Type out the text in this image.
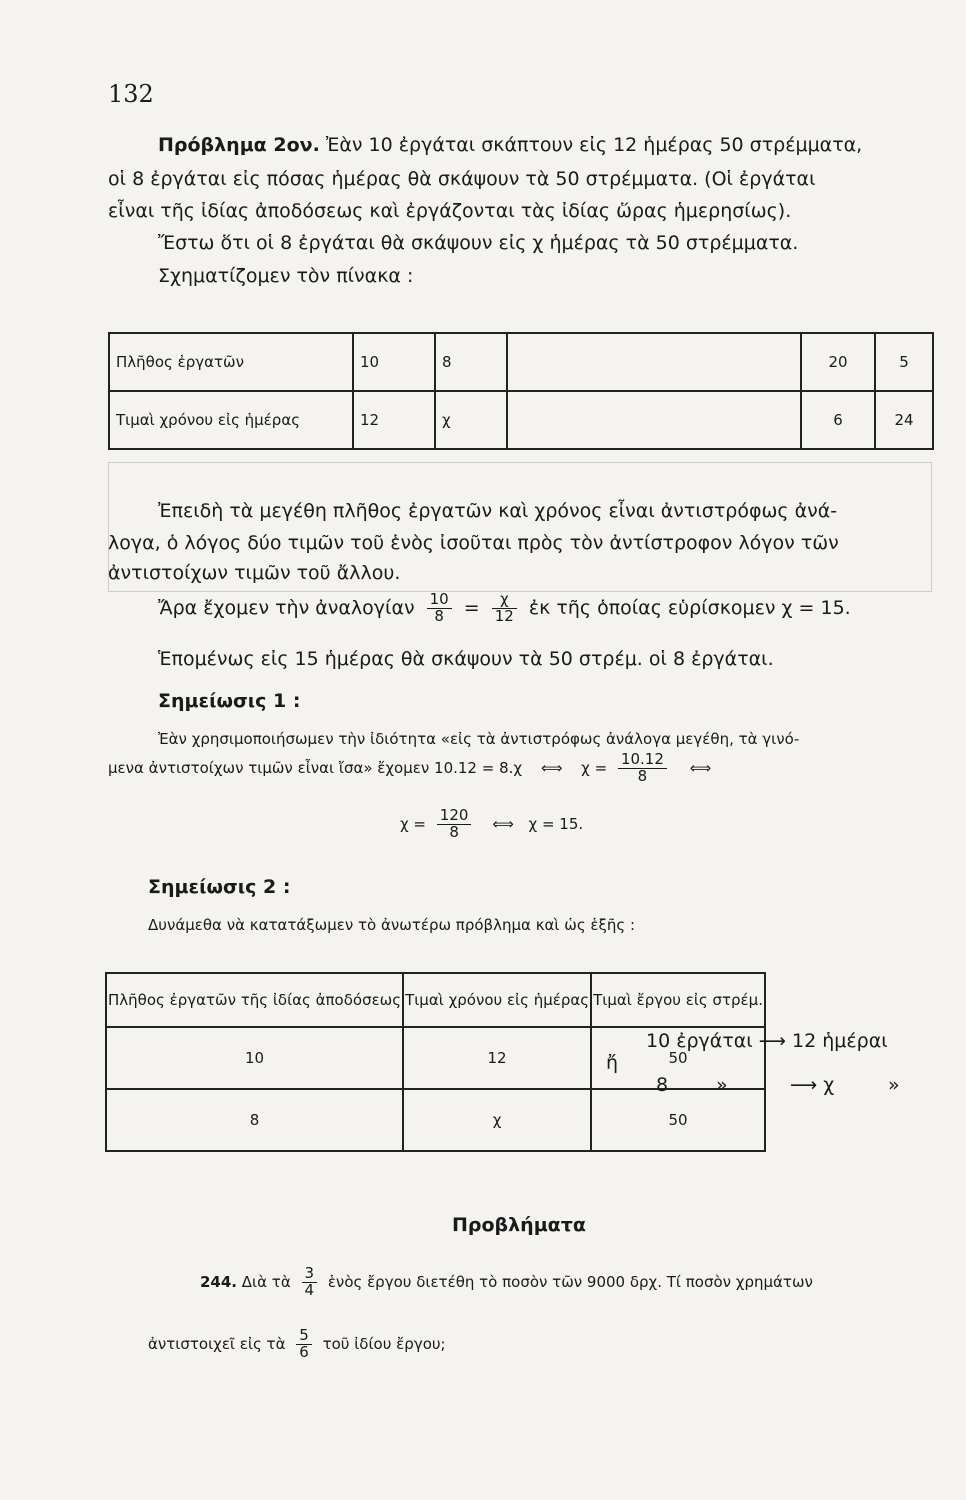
132
Πρόβλημα 2ον. Ἐὰν 10 ἐργάται σκάπτουν εἰς 12 ἡμέρας 50 στρέμματα,
οἱ 8 ἐργάται εἰς πόσας ἡμέρας θὰ σκάψουν τὰ 50 στρέμματα. (Οἱ ἐργάται
εἶναι τῆς ἰδίας ἀποδόσεως καὶ ἐργάζονται τὰς ἰδίας ὥρας ἡμερησίως).
Ἔστω ὅτι οἱ 8 ἐργάται θὰ σκάψουν εἰς χ ἡμέρας τὰ 50 στρέμματα.
Σχηματίζομεν τὸν πίνακα :
Πλῆθος ἐργατῶν	10	8		20	5
Τιμαὶ χρόνου εἰς ἡμέρας	12	χ		6	24
Ἐπειδὴ τὰ μεγέθη πλῆθος ἐργατῶν καὶ χρόνος εἶναι ἀντιστρόφως ἀνά-
λογα, ὁ λόγος δύο τιμῶν τοῦ ἑνὸς ἰσοῦται πρὸς τὸν ἀντίστροφον λόγον τῶν
ἀντιστοίχων τιμῶν τοῦ ἄλλου.
Ἄρα ἔχομεν τὴν ἀναλογίαν $\frac{10}{8} = \frac{\chi}{12}$ ἐκ τῆς ὁποίας εὑρίσκομεν χ = 15.
Ἑπομένως εἰς 15 ἡμέρας θὰ σκάψουν τὰ 50 στρέμ. οἱ 8 ἐργάται.
Σημείωσις 1 :
Ἐὰν χρησιμοποιήσωμεν τὴν ἰδιότητα «εἰς τὰ ἀντιστρόφως ἀνάλογα μεγέθη, τὰ γινό-
μενα ἀντιστοίχων τιμῶν εἶναι ἴσα» ἔχομεν 10.12 = 8.χ ⟺ $\chi = \frac{10.12}{8}$ ⟺
$\chi = \frac{120}{8}$ ⟺ χ = 15.
Σημείωσις 2 :
Δυνάμεθα νὰ κατατάξωμεν τὸ ἀνωτέρω πρόβλημα καὶ ὡς ἑξῆς :
Πλῆθος ἐργατῶν τῆς ἰδίας ἀποδόσεως	Τιμαὶ χρόνου εἰς ἡμέρας	Τιμαὶ ἔργου εἰς στρέμ.
10	12	50
8	χ	50
ἤ
10 ἐργάται ⟶ 12 ἡμέραι
8	»	⟶ χ	»
Προβλήματα
244. Διὰ τὰ $\frac{3}{4}$ ἑνὸς ἔργου διετέθη τὸ ποσὸν τῶν 9000 δρχ. Τί ποσὸν χρημάτων
ἀντιστοιχεῖ εἰς τὰ $\frac{5}{6}$ τοῦ ἰδίου ἔργου;
